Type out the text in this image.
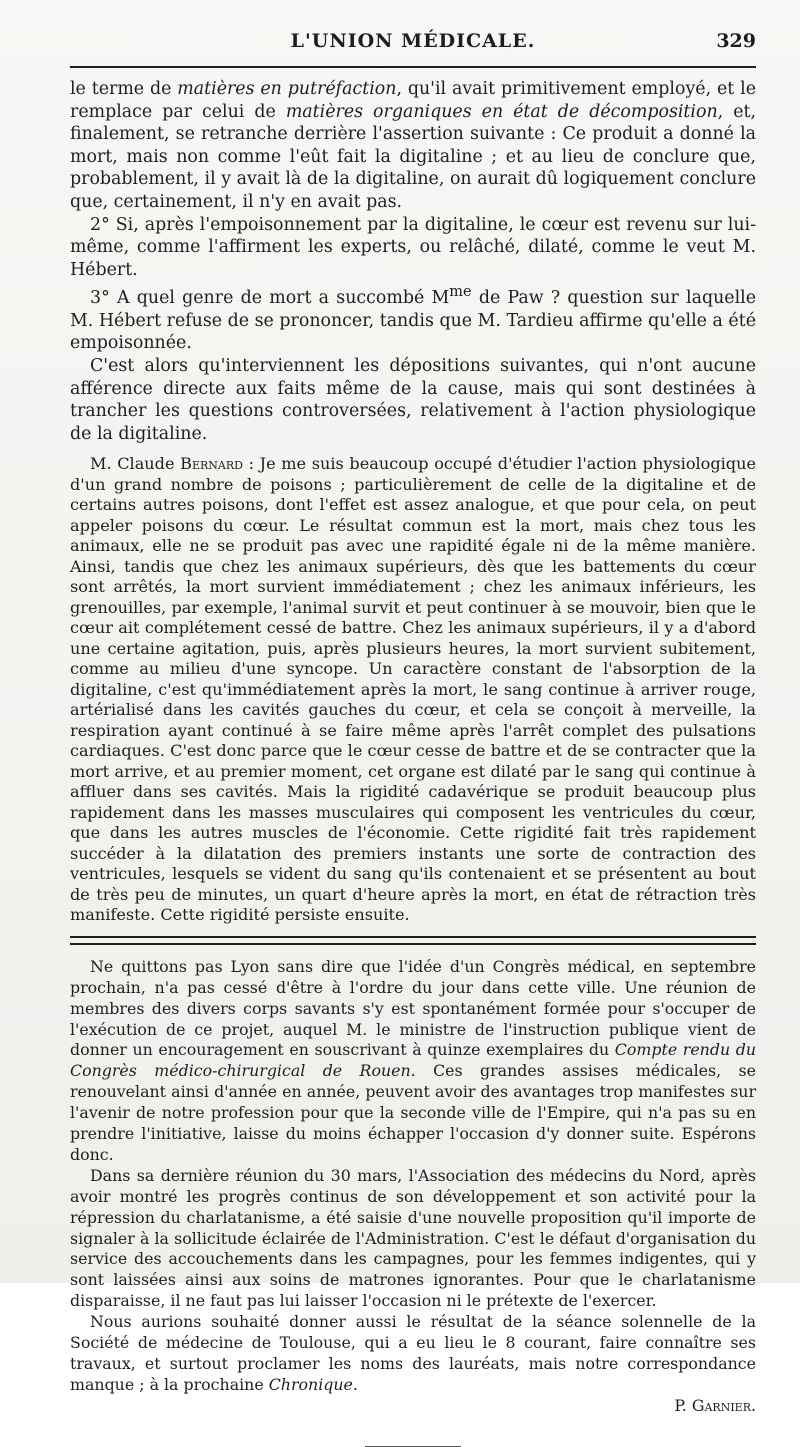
L'UNION MÉDICALE.	329

le terme de matières en putréfaction, qu'il avait primitivement employé, et le remplace par celui de matières organiques en état de décomposition, et, finalement, se retranche derrière l'assertion suivante : Ce produit a donné la mort, mais non comme l'eût fait la digitaline ; et au lieu de conclure que, probablement, il y avait là de la digitaline, on aurait dû logiquement conclure que, certainement, il n'y en avait pas.

2° Si, après l'empoisonnement par la digitaline, le cœur est revenu sur lui-même, comme l'affirment les experts, ou relâché, dilaté, comme le veut M. Hébert.

3° A quel genre de mort a succombé $M^{me}$ de Paw ? question sur laquelle M. Hébert refuse de se prononcer, tandis que M. Tardieu affirme qu'elle a été empoisonnée.

C'est alors qu'interviennent les dépositions suivantes, qui n'ont aucune afférence directe aux faits même de la cause, mais qui sont destinées à trancher les questions controversées, relativement à l'action physiologique de la digitaline.

M. Claude Bernard : Je me suis beaucoup occupé d'étudier l'action physiologique d'un grand nombre de poisons ; particulièrement de celle de la digitaline et de certains autres poisons, dont l'effet est assez analogue, et que pour cela, on peut appeler poisons du cœur. Le résultat commun est la mort, mais chez tous les animaux, elle ne se produit pas avec une rapidité égale ni de la même manière. Ainsi, tandis que chez les animaux supérieurs, dès que les battements du cœur sont arrêtés, la mort survient immédiatement ; chez les animaux inférieurs, les grenouilles, par exemple, l'animal survit et peut continuer à se mouvoir, bien que le cœur ait complétement cessé de battre. Chez les animaux supérieurs, il y a d'abord une certaine agitation, puis, après plusieurs heures, la mort survient subitement, comme au milieu d'une syncope. Un caractère constant de l'absorption de la digitaline, c'est qu'immédiatement après la mort, le sang continue à arriver rouge, artérialisé dans les cavités gauches du cœur, et cela se conçoit à merveille, la respiration ayant continué à se faire même après l'arrêt complet des pulsations cardiaques. C'est donc parce que le cœur cesse de battre et de se contracter que la mort arrive, et au premier moment, cet organe est dilaté par le sang qui continue à affluer dans ses cavités. Mais la rigidité cadavérique se produit beaucoup plus rapidement dans les masses musculaires qui composent les ventricules du cœur, que dans les autres muscles de l'économie. Cette rigidité fait très rapidement succéder à la dilatation des premiers instants une sorte de contraction des ventricules, lesquels se vident du sang qu'ils contenaient et se présentent au bout de très peu de minutes, un quart d'heure après la mort, en état de rétraction très manifeste. Cette rigidité persiste ensuite.

Ne quittons pas Lyon sans dire que l'idée d'un Congrès médical, en septembre prochain, n'a pas cessé d'être à l'ordre du jour dans cette ville. Une réunion de membres des divers corps savants s'y est spontanément formée pour s'occuper de l'exécution de ce projet, auquel M. le ministre de l'instruction publique vient de donner un encouragement en souscrivant à quinze exemplaires du Compte rendu du Congrès médico-chirurgical de Rouen. Ces grandes assises médicales, se renouvelant ainsi d'année en année, peuvent avoir des avantages trop manifestes sur l'avenir de notre profession pour que la seconde ville de l'Empire, qui n'a pas su en prendre l'initiative, laisse du moins échapper l'occasion d'y donner suite. Espérons donc.

Dans sa dernière réunion du 30 mars, l'Association des médecins du Nord, après avoir montré les progrès continus de son développement et son activité pour la répression du charlatanisme, a été saisie d'une nouvelle proposition qu'il importe de signaler à la sollicitude éclairée de l'Administration. C'est le défaut d'organisation du service des accouchements dans les campagnes, pour les femmes indigentes, qui y sont laissées ainsi aux soins de matrones ignorantes. Pour que le charlatanisme disparaisse, il ne faut pas lui laisser l'occasion ni le prétexte de l'exercer.

Nous aurions souhaité donner aussi le résultat de la séance solennelle de la Société de médecine de Toulouse, qui a eu lieu le 8 courant, faire connaître ses travaux, et surtout proclamer les noms des lauréats, mais notre correspondance manque ; à la prochaine Chronique.

P. Garnier.
